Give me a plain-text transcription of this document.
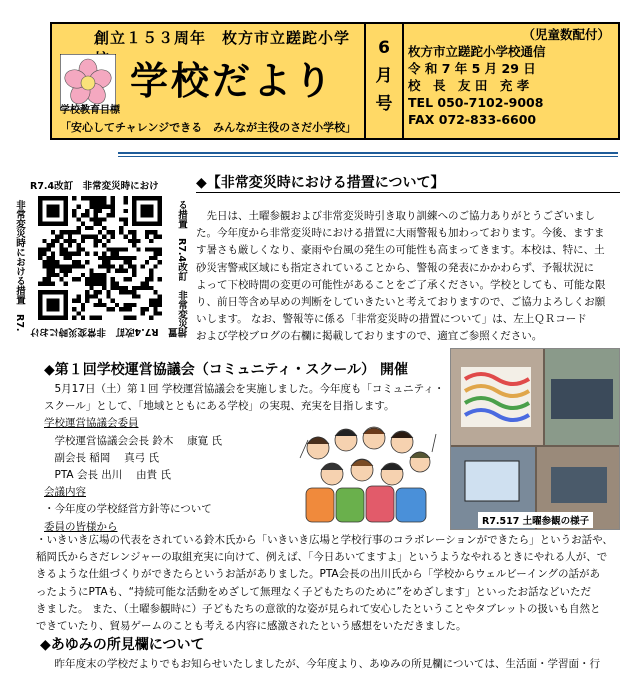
創立１５３周年　枚方市立蹉跎小学
学校だより
学校教育目標
「安心してチャレンジできる　みんなが主役のさだ小学校」
6
月
号
（児童数配付）
枚方市立蹉跎小学校通信
令 和 7 年 5 月 29 日
校　長　友 田　充 孝
TEL 050-7102-9008
FAX 072-833-6600
R7.4改訂　非常変災時におけ
非常変災時における措置　R7.	る措置　R7.4改訂　非常変災
措置　R7.4改訂　非常変災時におけ
◆【非常変災時における措置について】
　先日は、土曜参観および非常変災時引き取り訓練へのご協力ありがとうございまし
た。今年度から非常変災時における措置に大雨警報も加わっております。今後、ますま
す暑さも厳しくなり、豪雨や台風の発生の可能性も高まってきます。本校は、特に、土
砂災害警戒区域にも指定されていることから、警報の発表にかかわらず、予報状況に
よって下校時間の変更の可能性があることをご了承ください。学校としても、可能な限
り、前日等含め早めの判断をしていきたいと考えておりますので、ご協力よろしくお願
いします。 なお、警報等に係る「非常変災時の措置について」は、左上ＱＲコード
および学校ブログの右欄に掲載しておりますので、適宜ご参照ください。
◆第１回学校運営協議会（コミュニティ・スクール） 開催
　5月17日（土）第１回 学校運営協議会を実施しました。今年度も「コミュニティ・
スクール」として、「地域とともにある学校」の実現、充実を目指します。
学校運営協議会委員
　学校運営協議会会長 鈴木　 康寛 氏
　副会長 稲岡　 真弓 氏
　PTA 会長 出川　 由貴 氏
会議内容
・今年度の学校経営方針等について
委員の皆様から	R7.517 土曜参観の様子
・いきいき広場の代表をされている鈴木氏から「いきいき広場と学校行事のコラボレーションができたら」というお話や、
稲岡氏からさだレンジャーの取組充実に向けて、例えば、「今日あいてますよ」というようなやれるときにやれる人が、で
きるような仕組づくりができたらというお話がありました。PTA会長の出川氏から「学校からウェルビーイングの話があ
ったようにPTAも、“持続可能な活動をめざして無理なく子どもたちのために”をめざします」といったお話などいただ
きました。 また、（土曜参観時に）子どもたちの意欲的な姿が見られて安心したということやタブレットの扱いも自然と
できていたり、貿易ゲームのことも考える内容に感激されたという感想をいただきました。
◆あゆみの所見欄について
　昨年度末の学校だよりでもお知らせいたしましたが、今年度より、あゆみの所見欄については、生活面・学習面・行
